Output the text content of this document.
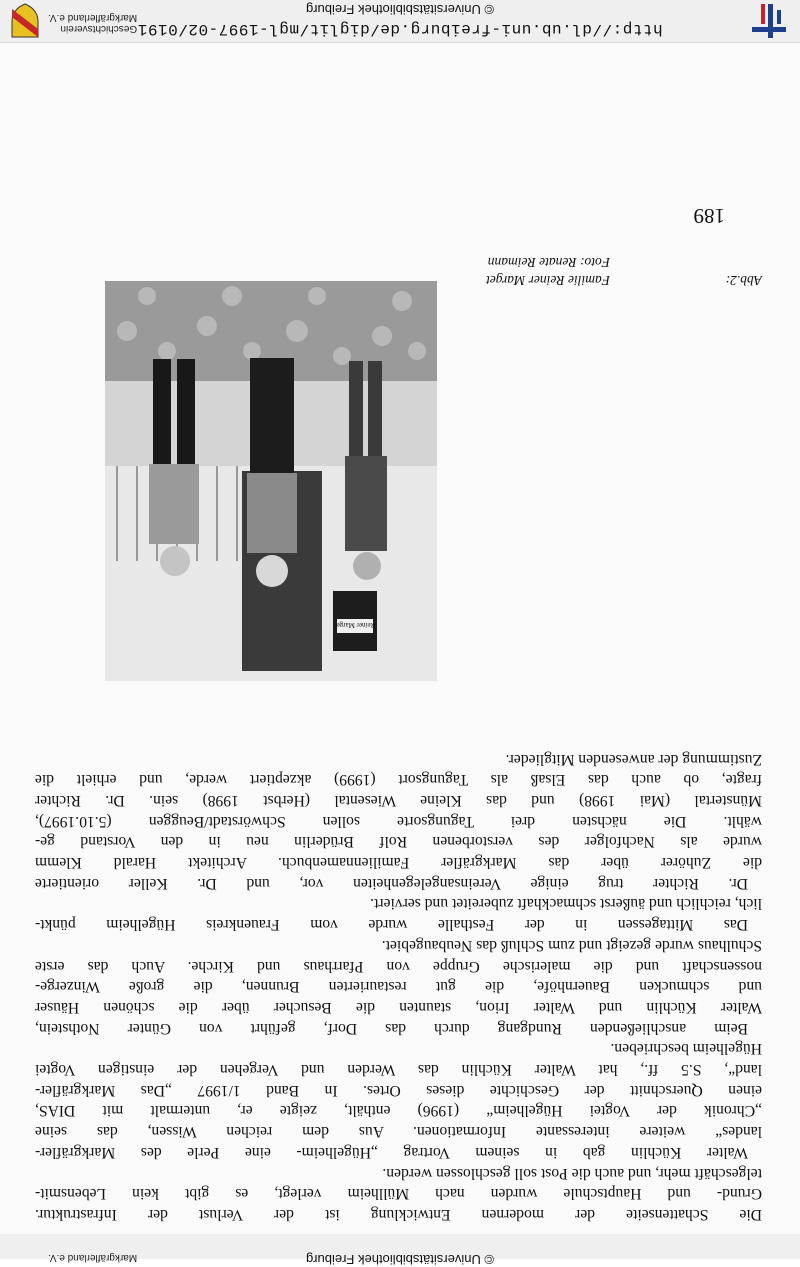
http://dl.ub.uni-freiburg.de/diglit/mgl-1997-02/0191
© Universitätsbibliothek Freiburg
Geschichtsverein
Markgräflerland e.V.
Die Schattenseite der modernen Entwicklung ist der Verlust der Infrastruktur.
Grund- und Hauptschule wurden nach Müllheim verlegt, es gibt kein Lebensmit-
telgeschäft mehr, und auch die Post soll geschlossen werden.
Walter Küchlin gab in seinem Vortrag „Hügelheim- eine Perle des Markgräfler-
landes“ weitere interessante Informationen. Aus dem reichen Wissen, das seine
„Chronik der Vogtei Hügelheim“ (1996) enthält, zeigte er, untermalt mit DIAS,
einen Querschnitt der Geschichte dieses Ortes. In Band 1/1997 „Das Markgräfler-
land“, S.5 ff., hat Walter Küchlin das Werden und Vergehen der einstigen Vogtei
Hügelheim beschrieben.
Beim anschließenden Rundgang durch das Dorf, geführt von Günter Nothstein,
Walter Küchlin und Walter Irion, staunten die Besucher über die schönen Häuser
und schmucken Bauernhöfe, die gut restaurierten Brunnen, die große Winzerge-
nossenschaft und die malerische Gruppe von Pfarrhaus und Kirche. Auch das erste
Schulhaus wurde gezeigt und zum Schluß das Neubaugebiet.
Das Mittagessen in der Festhalle wurde vom Frauenkreis Hügelheim pünkt-
lich, reichlich und äußerst schmackhaft zubereitet und serviert.
Dr. Richter trug einige Vereinsangelegenheiten vor, und Dr. Keller orientierte
die Zuhörer über das Markgräfler Familiennamenbuch. Architekt Harald Klemm
wurde als Nachfolger des verstorbenen Rolf Brüderlin neu in den Vorstand ge-
wählt. Die nächsten drei Tagungsorte sollen Schwörstadt/Beuggen (5.10.1997),
Münstertal (Mai 1998) und das Kleine Wiesental (Herbst 1998) sein. Dr. Richter
fragte, ob auch das Elsaß als Tagungsort (1999) akzeptiert werde, und erhielt die
Zustimmung der anwesenden Mitglieder.
Reiner Marget
Abb.2:
Familie Reiner Marget
Foto: Renate Reimann
189
© Universitätsbibliothek Freiburg
Markgräflerland e.V.
